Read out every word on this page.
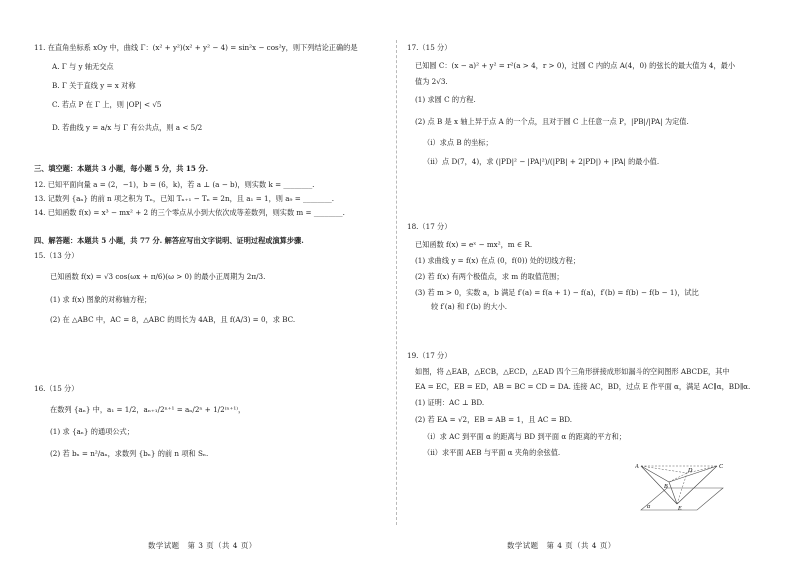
11. 在直角坐标系 xOy 中，曲线 Γ：(x² + y²)(x² + y² − 4) = sin²x − cos²y，则下列结论正确的是
A. Γ 与 y 轴无交点
B. Γ 关于直线 y = x 对称
C. 若点 P 在 Γ 上，则 |OP| < √5
D. 若曲线 y = a/x 与 Γ 有公共点，则 a < 5/2
三、填空题：本题共 3 小题，每小题 5 分，共 15 分.
12. 已知平面向量 a = (2，−1)，b = (6，k)，若 a ⊥ (a − b)，则实数 k = ________.
13. 记数列 {aₙ} 的前 n 项之积为 Tₙ，已知 Tₙ₊₁ − Tₙ = 2n，且 a₁ = 1，则 a₉ = ________.
14. 已知函数 f(x) = x³ − mx² + 2 的三个零点从小到大依次成等差数列，则实数 m = ________.
四、解答题：本题共 5 小题，共 77 分. 解答应写出文字说明、证明过程或演算步骤.
15.（13 分）
已知函数 f(x) = √3 cos(ωx + π/6)(ω > 0) 的最小正周期为 2π/3.
(1) 求 f(x) 图象的对称轴方程；
(2) 在 △ABC 中，AC = 8，△ABC 的周长为 4AB，且 f(A/3) = 0，求 BC.
16.（15 分）
在数列 {aₙ} 中，a₁ = 1/2，aₙ₊₁/2ⁿ⁺¹ = aₙ/2ⁿ + 1/2⁽ⁿ⁺¹⁾，
(1) 求 {aₙ} 的通项公式；
(2) 若 bₙ = n²/aₙ，求数列 {bₙ} 的前 n 项和 Sₙ.
数学试题　第 3 页（共 4 页）
17.（15 分）
已知圆 C：(x − a)² + y² = r²(a > 4，r > 0)，过圆 C 内的点 A(4，0) 的弦长的最大值为 4，最小
值为 2√3.
(1) 求圆 C 的方程.
(2) 点 B 是 x 轴上异于点 A 的一个点，且对于圆 C 上任意一点 P，|PB|/|PA| 为定值.
（ⅰ）求点 B 的坐标；
（ⅱ）点 D(7，4)，求 (|PD|² − |PA|²)/(|PB| + 2|PD|) + |PA| 的最小值.
18.（17 分）
已知函数 f(x) = eˣ − mx²，m ∈ R.
(1) 求曲线 y = f(x) 在点 (0，f(0)) 处的切线方程；
(2) 若 f(x) 有两个极值点，求 m 的取值范围；
(3) 若 m > 0，实数 a，b 满足 f′(a) = f(a + 1) − f(a)，f′(b) = f(b) − f(b − 1)，试比
较 f′(a) 和 f′(b) 的大小.
19.（17 分）
如图，将 △EAB，△ECB，△ECD，△EAD 四个三角形拼接成形如漏斗的空间图形 ABCDE，其中
EA = EC，EB = ED，AB = BC = CD = DA. 连接 AC，BD，过点 E 作平面 α，满足 AC∥α，BD∥α.
(1) 证明：AC ⊥ BD.
(2) 若 EA = √2，EB = AB = 1，且 AC = BD.
（ⅰ）求 AC 到平面 α 的距离与 BD 到平面 α 的距离的平方和；
（ⅱ）求平面 AEB 与平面 α 夹角的余弦值.
A
B
C
D
E
α
数学试题　第 4 页（共 4 页）
